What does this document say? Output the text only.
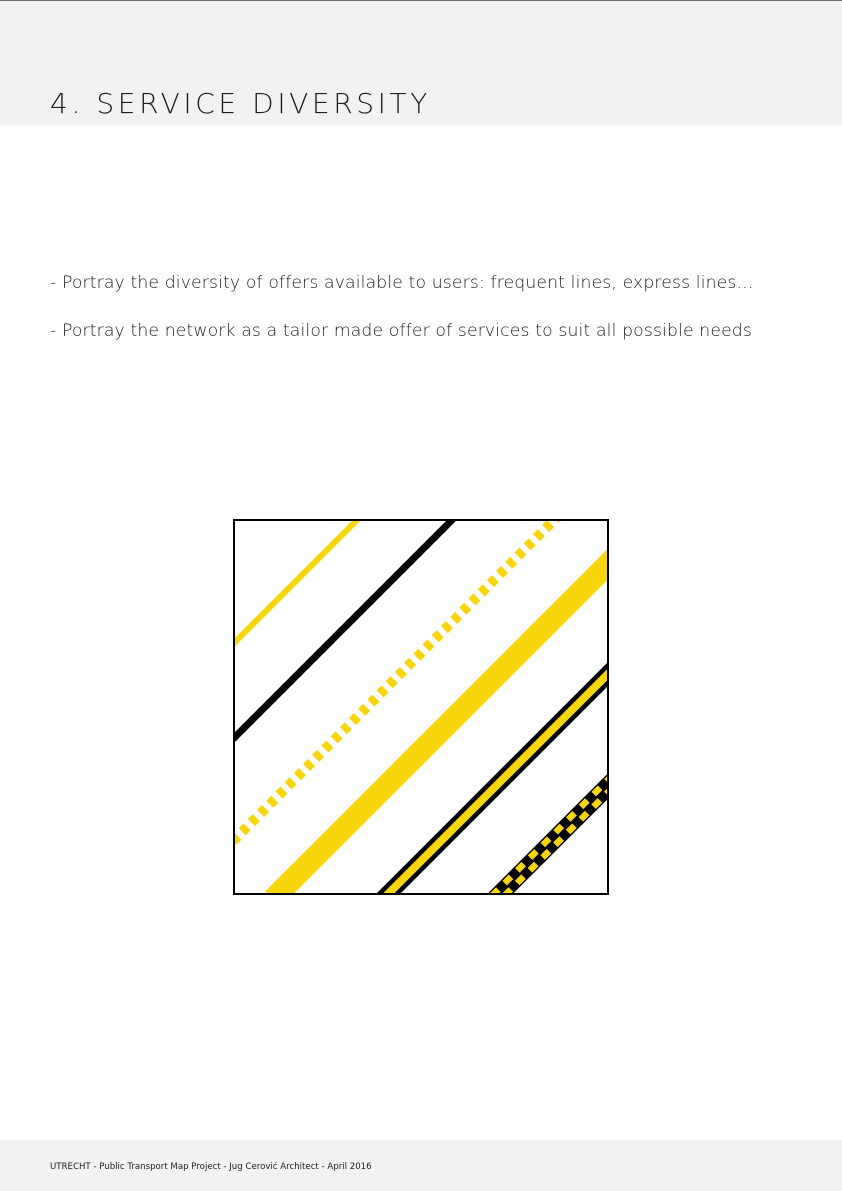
4. SERVICE DIVERSITY
- Portray the diversity of offers available to users: frequent lines, express lines...
- Portray the network as a tailor made offer of services to suit all possible needs
UTRECHT - Public Transport Map Project - Jug Cerović Architect - April 2016
